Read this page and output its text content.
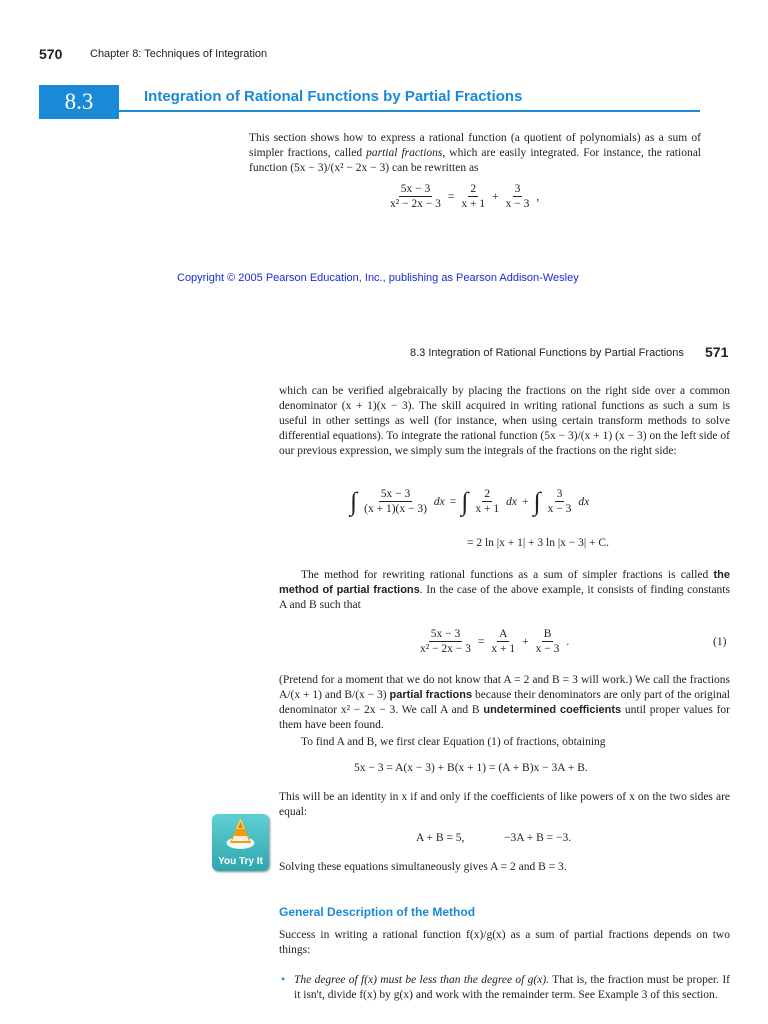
570	Chapter 8: Techniques of Integration
8.3	Integration of Rational Functions by Partial Fractions
This section shows how to express a rational function (a quotient of polynomials) as a sum of simpler fractions, called partial fractions, which are easily integrated. For instance, the rational function (5x − 3)/(x² − 2x − 3) can be rewritten as
$\frac{5x - 3}{\text{x² − 2x − 3}} = \frac{2}{x + 1} + \frac{3}{x - 3}$ ,
Copyright © 2005 Pearson Education, Inc., publishing as Pearson Addison-Wesley
8.3 Integration of Rational Functions by Partial Fractions 571
which can be verified algebraically by placing the fractions on the right side over a common denominator (x + 1)(x − 3). The skill acquired in writing rational functions as such a sum is useful in other settings as well (for instance, when using certain transform methods to solve differential equations). To integrate the rational function (5x − 3)/(x + 1) (x − 3) on the left side of our previous expression, we simply sum the integrals of the fractions on the right side:
∫ $\frac{5x - 3}{(x + 1)(x - 3)}$ dx = ∫ $\frac{2}{x + 1}$ dx + ∫ $\frac{3}{x - 3}$ dx
= 2 ln |x + 1| + 3 ln |x − 3| + C.
The method for rewriting rational functions as a sum of simpler fractions is called the method of partial fractions. In the case of the above example, it consists of finding constants A and B such that
$\frac{5x - 3}{\text{x² − 2x − 3}} = \frac{A}{x + 1} + \frac{B}{x - 3}$ .	(1)
(Pretend for a moment that we do not know that A = 2 and B = 3 will work.) We call the fractions A/(x + 1) and B/(x − 3) partial fractions because their denominators are only part of the original denominator x² − 2x − 3. We call A and B undetermined coefficients until proper values for them have been found.
To find A and B, we first clear Equation (1) of fractions, obtaining
5x − 3 = A(x − 3) + B(x + 1) = (A + B)x − 3A + B.
This will be an identity in x if and only if the coefficients of like powers of x on the two sides are equal:
A + B = 5,	−3A + B = −3.
You Try It	Solving these equations simultaneously gives A = 2 and B = 3.
General Description of the Method
Success in writing a rational function f(x)/g(x) as a sum of partial fractions depends on two things:
• The degree of f(x) must be less than the degree of g(x). That is, the fraction must be proper. If it isn't, divide f(x) by g(x) and work with the remainder term. See Example 3 of this section.
